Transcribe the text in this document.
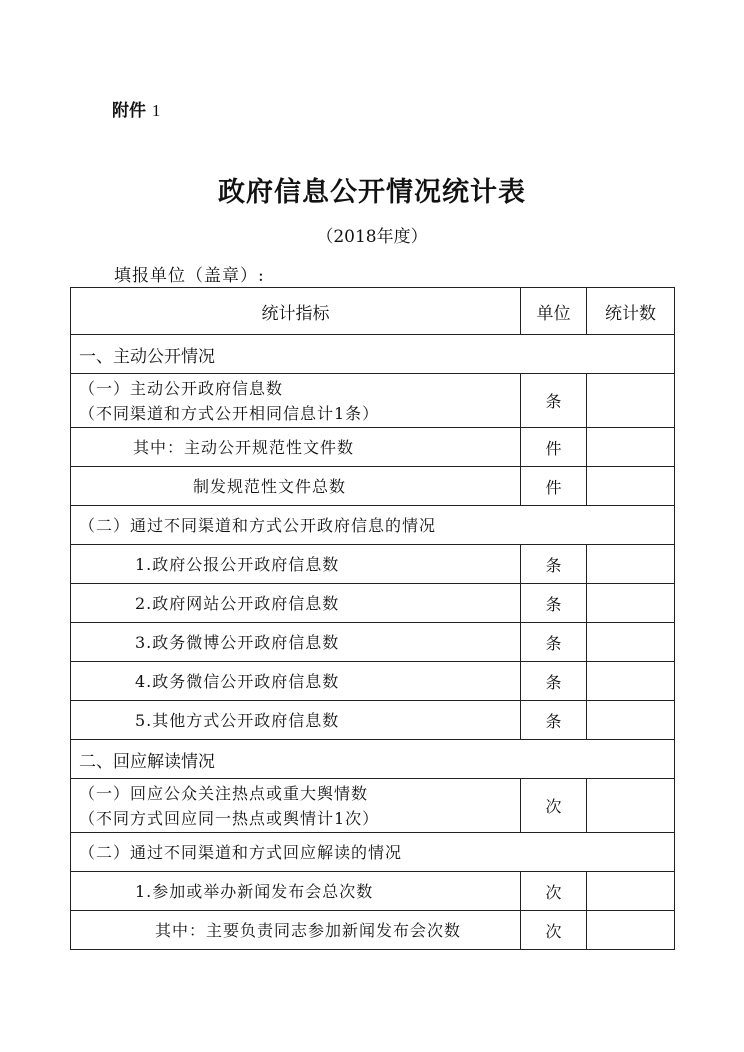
附件 1
政府信息公开情况统计表
（2018年度）
填报单位（盖章）:
统计指标	单位	统计数
一、主动公开情况		

（一）主动公开政府信息数
（不同渠道和方式公开相同信息计1条）	条	
其中：主动公开规范性文件数	件	
制发规范性文件总数	件	
（二）通过不同渠道和方式公开政府信息的情况		
1.政府公报公开政府信息数	条	
2.政府网站公开政府信息数	条	
3.政务微博公开政府信息数	条	
4.政务微信公开政府信息数	条	
5.其他方式公开政府信息数	条	
二、回应解读情况		

（一）回应公众关注热点或重大舆情数
（不同方式回应同一热点或舆情计1次）	次	
（二）通过不同渠道和方式回应解读的情况		
1.参加或举办新闻发布会总次数	次	
其中：主要负责同志参加新闻发布会次数	次	
